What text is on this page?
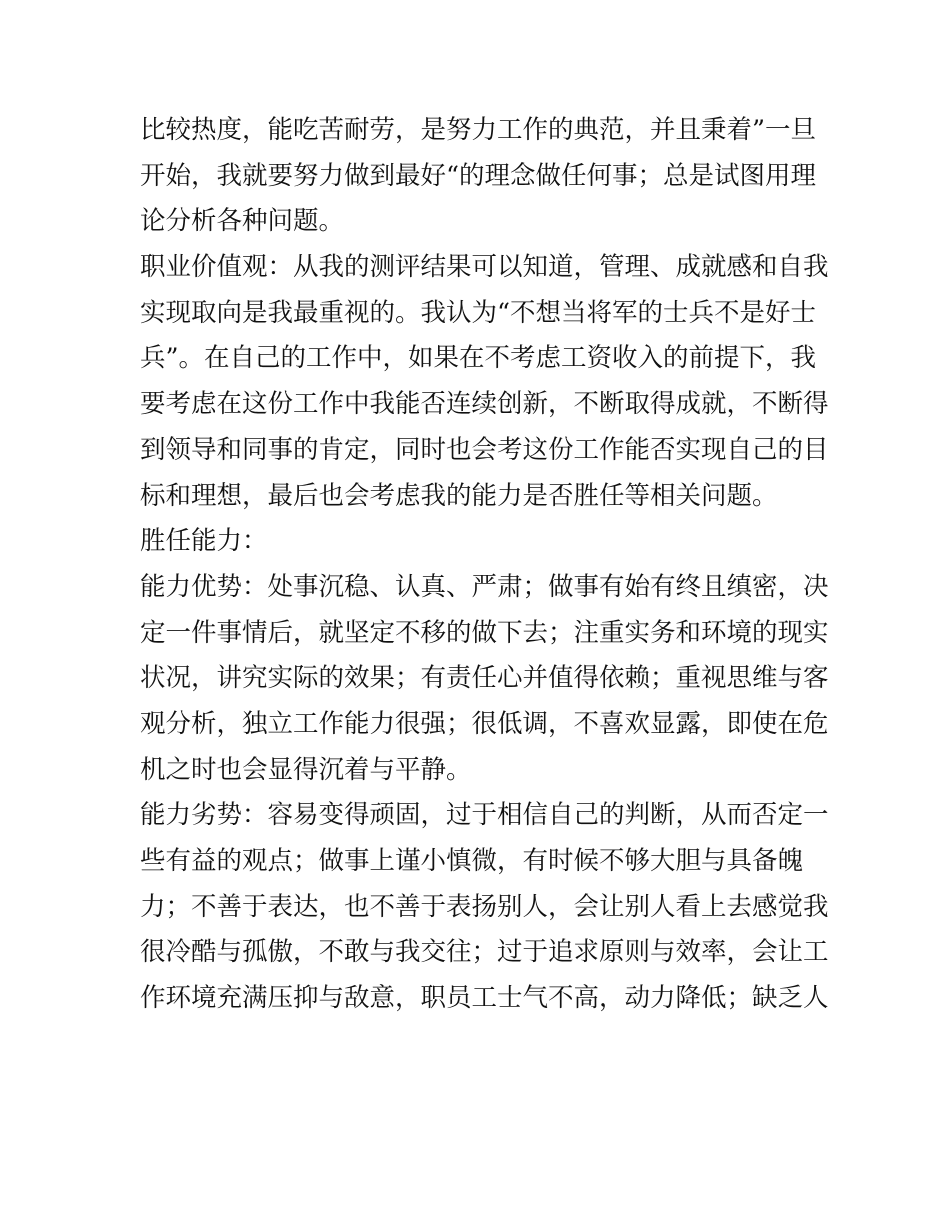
比较热度，能吃苦耐劳，是努力工作的典范，并且秉着”一旦
开始，我就要努力做到最好“的理念做任何事；总是试图用理
论分析各种问题。
职业价值观：从我的测评结果可以知道，管理、成就感和自我
实现取向是我最重视的。我认为“不想当将军的士兵不是好士
兵”。在自己的工作中，如果在不考虑工资收入的前提下，我
要考虑在这份工作中我能否连续创新，不断取得成就，不断得
到领导和同事的肯定，同时也会考这份工作能否实现自己的目
标和理想，最后也会考虑我的能力是否胜任等相关问题。
胜任能力：
能力优势：处事沉稳、认真、严肃；做事有始有终且缜密，决
定一件事情后，就坚定不移的做下去；注重实务和环境的现实
状况，讲究实际的效果；有责任心并值得依赖；重视思维与客
观分析，独立工作能力很强；很低调，不喜欢显露，即使在危
机之时也会显得沉着与平静。
能力劣势：容易变得顽固，过于相信自己的判断，从而否定一
些有益的观点；做事上谨小慎微，有时候不够大胆与具备魄
力；不善于表达，也不善于表扬别人，会让别人看上去感觉我
很冷酷与孤傲，不敢与我交往；过于追求原则与效率，会让工
作环境充满压抑与敌意，职员工士气不高，动力降低；缺乏人
